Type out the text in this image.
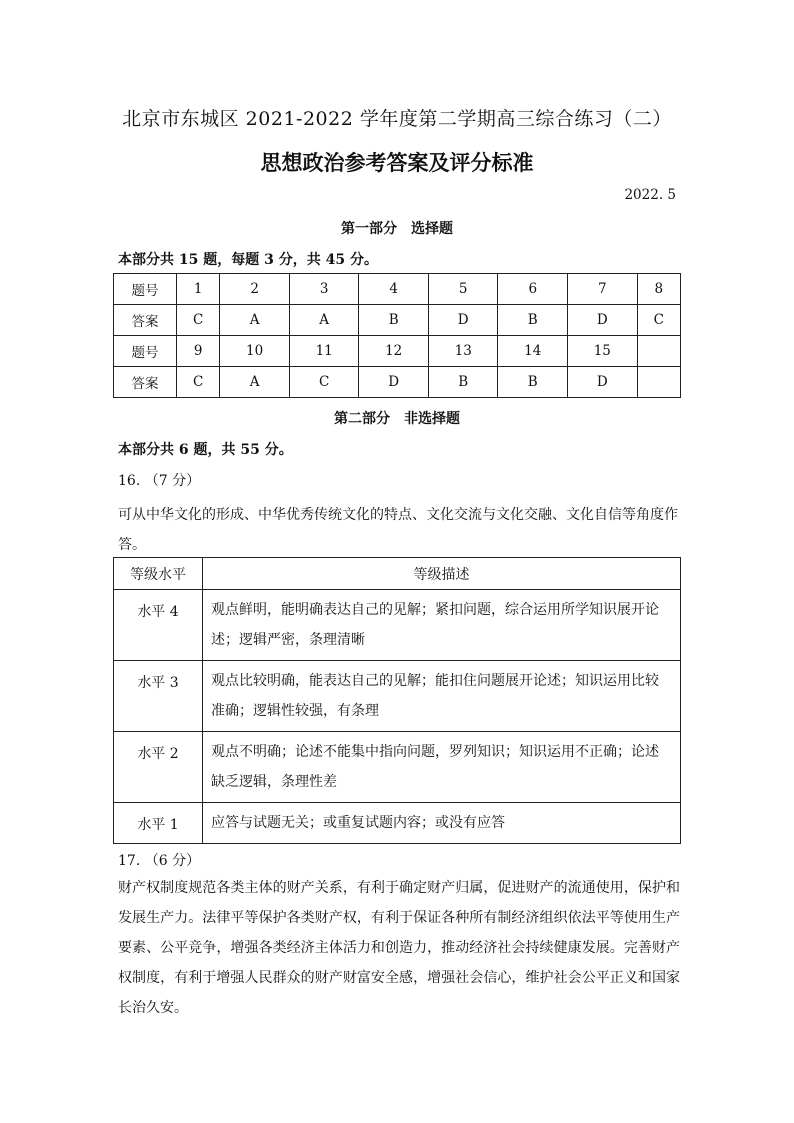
北京市东城区 2021-2022 学年度第二学期高三综合练习（二）
思想政治参考答案及评分标准
2022. 5
第一部分　选择题
本部分共 15 题，每题 3 分，共 45 分。
题号	1	2	3	4	5	6	7	8
答案	C	A	A	B	D	B	D	C
题号	9	10	11	12	13	14	15	
答案	C	A	C	D	B	B	D	
第二部分　非选择题
本部分共 6 题，共 55 分。
16. （7 分）
可从中华文化的形成、中华优秀传统文化的特点、文化交流与文化交融、文化自信等角度作答。
等级水平	等级描述
水平 4	观点鲜明，能明确表达自己的见解；紧扣问题，综合运用所学知识展开论述；逻辑严密，条理清晰
水平 3	观点比较明确，能表达自己的见解；能扣住问题展开论述；知识运用比较准确；逻辑性较强，有条理
水平 2	观点不明确；论述不能集中指向问题，罗列知识；知识运用不正确；论述缺乏逻辑，条理性差
水平 1	应答与试题无关；或重复试题内容；或没有应答
17. （6 分）
财产权制度规范各类主体的财产关系，有利于确定财产归属，促进财产的流通使用，保护和发展生产力。法律平等保护各类财产权，有利于保证各种所有制经济组织依法平等使用生产要素、公平竞争，增强各类经济主体活力和创造力，推动经济社会持续健康发展。完善财产权制度，有利于增强人民群众的财产财富安全感，增强社会信心，维护社会公平正义和国家长治久安。
